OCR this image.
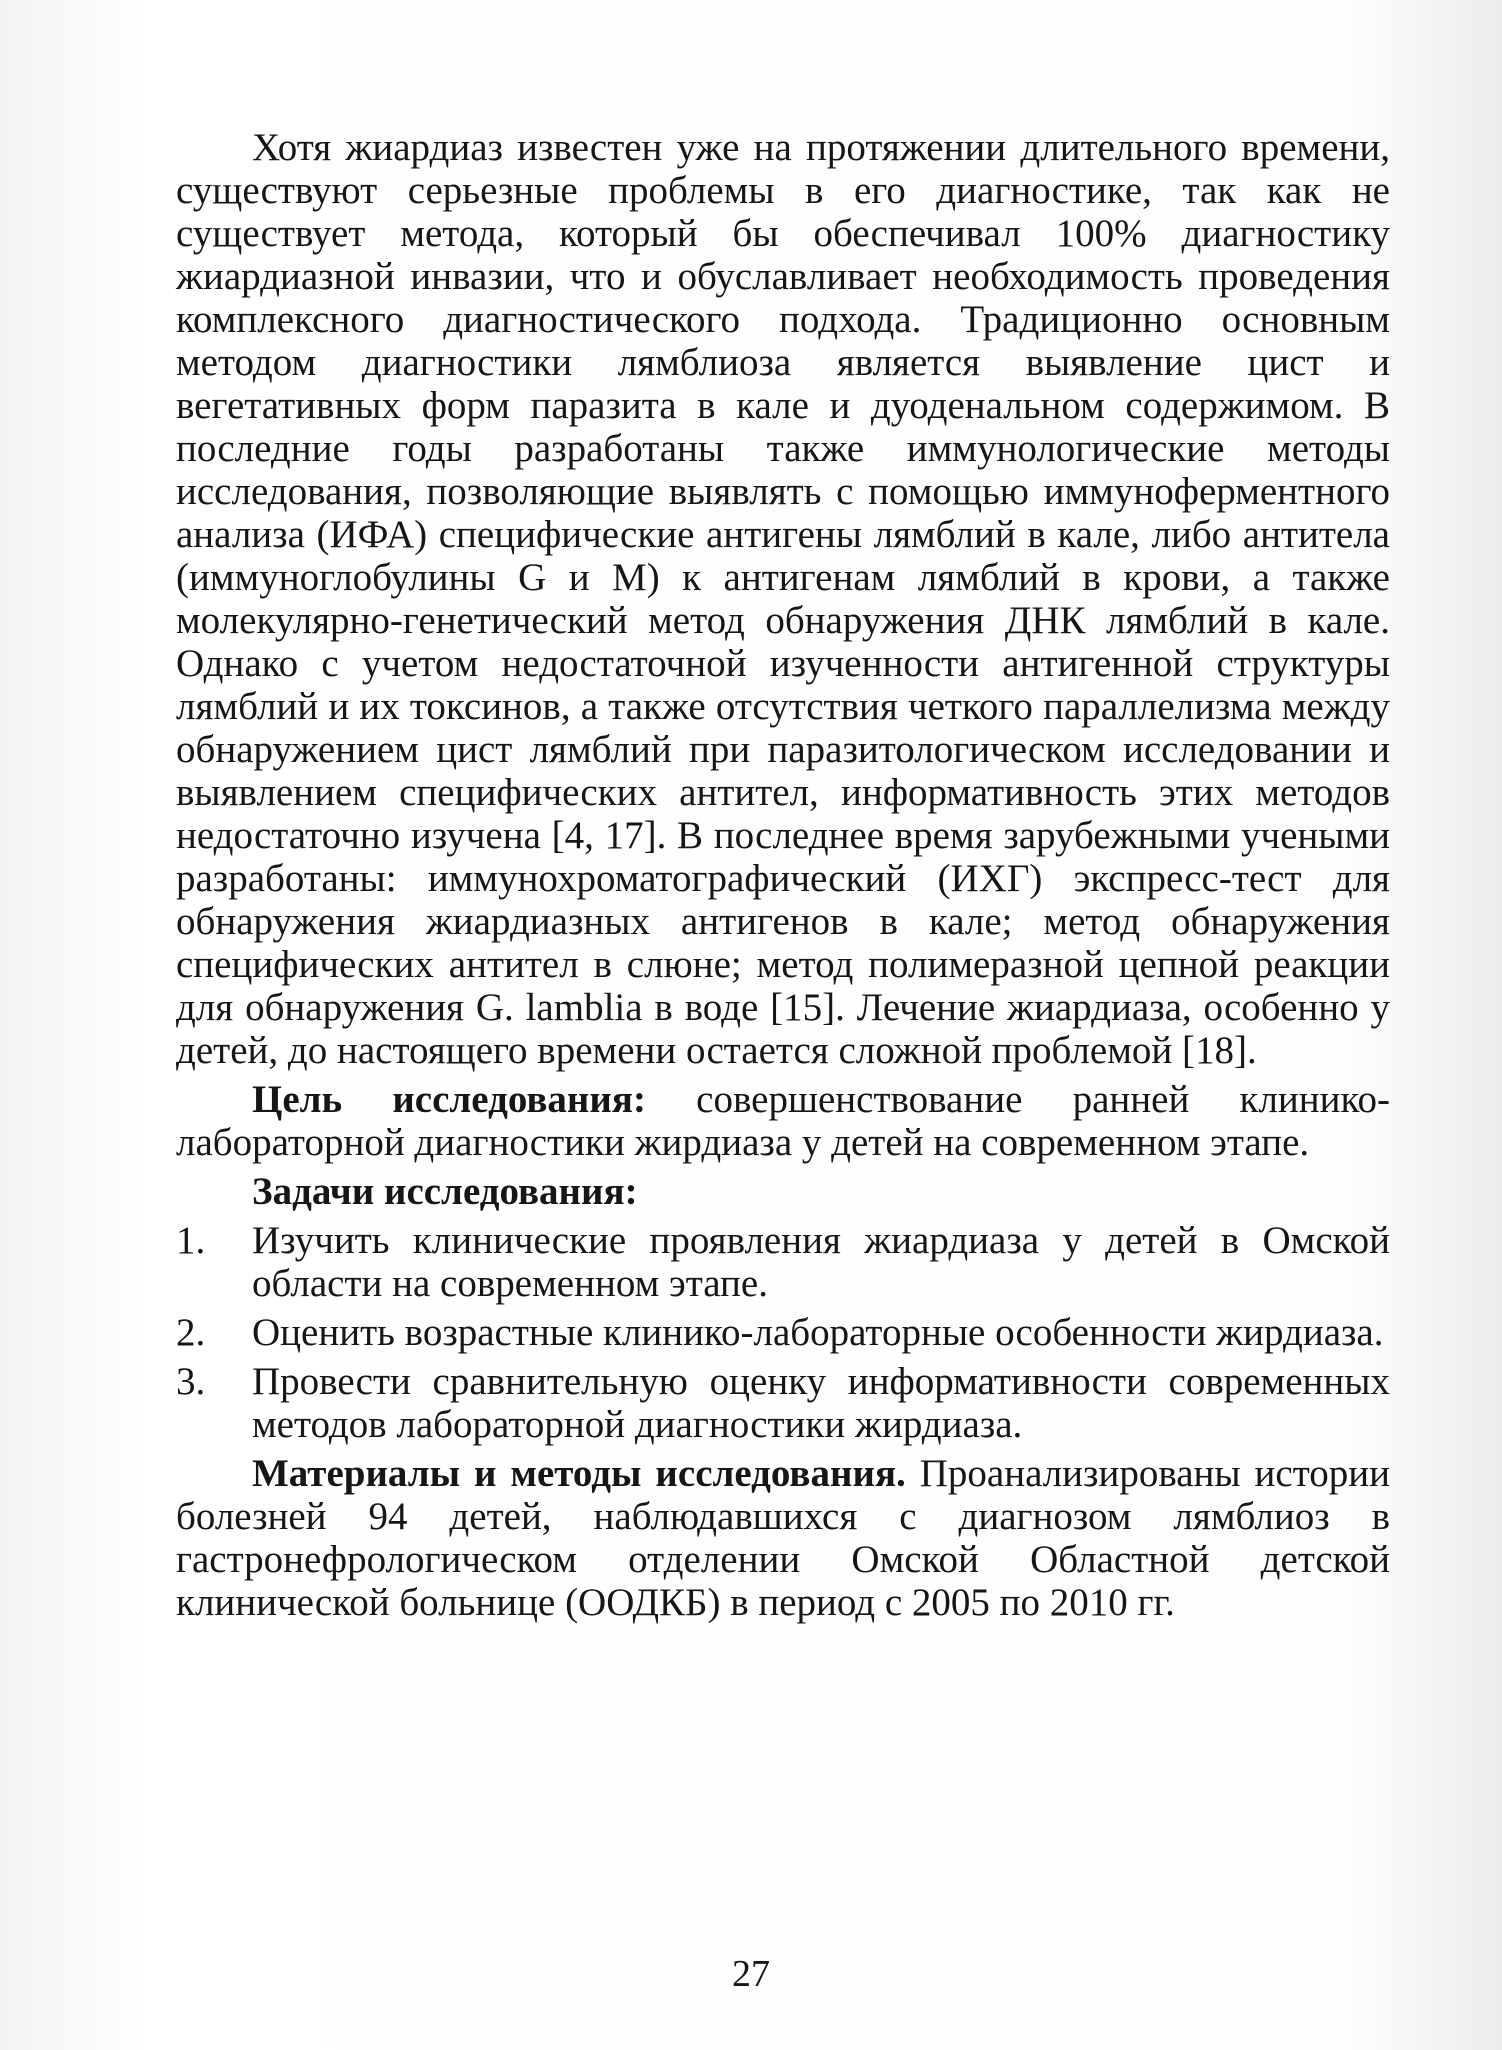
Хотя жиардиаз известен уже на протяжении длительного времени, существуют серьезные проблемы в его диагностике, так как не существует метода, который бы обеспечивал 100% диагностику жиардиазной инвазии, что и обуславливает необходимость проведения комплексного диагностического подхода. Традиционно основным методом диагностики лямблиоза является выявление цист и вегетативных форм паразита в кале и дуоденальном содержимом. В последние годы разработаны также иммунологические методы исследования, позволяющие выявлять с помощью иммуноферментного анализа (ИФА) специфические антигены лямблий в кале, либо антитела (иммуноглобулины G и M) к антигенам лямблий в крови, а также молекулярно-генетический метод обнаружения ДНК лямблий в кале. Однако с учетом недостаточной изученности антигенной структуры лямблий и их токсинов, а также отсутствия четкого параллелизма между обнаружением цист лямблий при паразитологическом исследовании и выявлением специфических антител, информативность этих методов недостаточно изучена [4, 17]. В последнее время зарубежными учеными разработаны: иммунохроматографический (ИХГ) экспресс-тест для обнаружения жиардиазных антигенов в кале; метод обнаружения специфических антител в слюне; метод полимеразной цепной реакции для обнаружения G. lamblia в воде [15]. Лечение жиардиаза, особенно у детей, до настоящего времени остается сложной проблемой [18].

Цель исследования: совершенствование ранней клинико-лабораторной диагностики жирдиаза у детей на современном этапе.

Задачи исследования:
1. Изучить клинические проявления жиардиаза у детей в Омской области на современном этапе.
2. Оценить возрастные клинико-лабораторные особенности жирдиаза.
3. Провести сравнительную оценку информативности современных методов лабораторной диагностики жирдиаза.

Материалы и методы исследования. Проанализированы истории болезней 94 детей, наблюдавшихся с диагнозом лямблиоз в гастронефрологическом отделении Омской Областной детской клинической больнице (ООДКБ) в период с 2005 по 2010 гг.

27
